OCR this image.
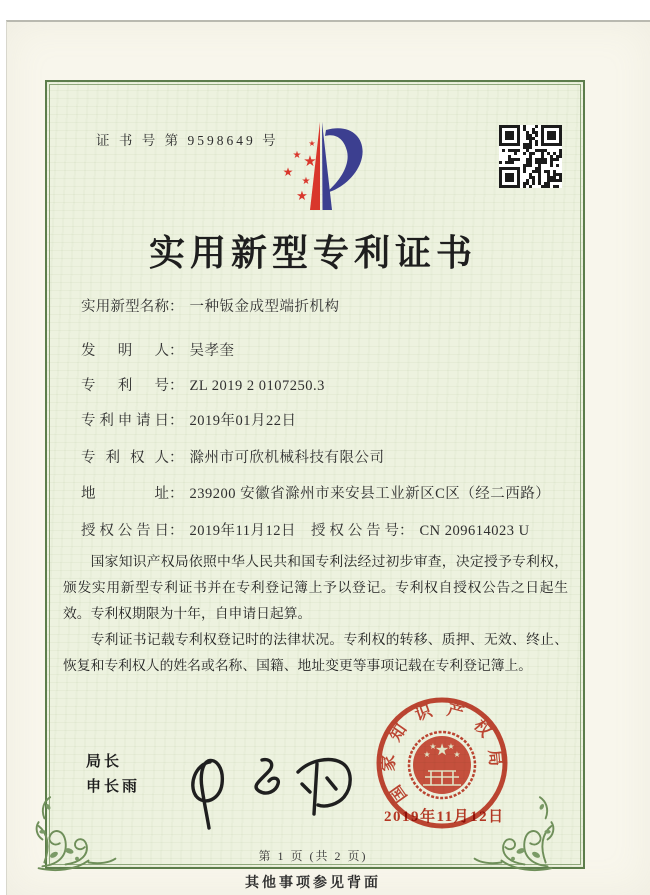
证 书 号 第 9598649 号	★
★ ★
★
★
★
实用新型专利证书
实用新型名称： 一种钣金成型端折机构
发明人： 吴孝奎
专利号： ZL 2019 2 0107250.3
专利申请日： 2019年01月22日
专利权人： 滁州市可欣机械科技有限公司
地址： 239200 安徽省滁州市来安县工业新区C区（经二西路）
授权公告日： 2019年11月12日 授权公告号： CN 209614023 U

国家知识产权局依照中华人民共和国专利法经过初步审查，决定授予专利权，颁发实用新型专利证书并在专利登记簿上予以登记。专利权自授权公告之日起生效。专利权期限为十年，自申请日起算。

专利证书记载专利权登记时的法律状况。专利权的转移、质押、无效、终止、恢复和专利权人的姓名或名称、国籍、地址变更等事项记载在专利登记簿上。

局长
申长雨	国家知识产权局
★
★
★ ★
★
2019年11月12日
第 1 页 (共 2 页)
其他事项参见背面
